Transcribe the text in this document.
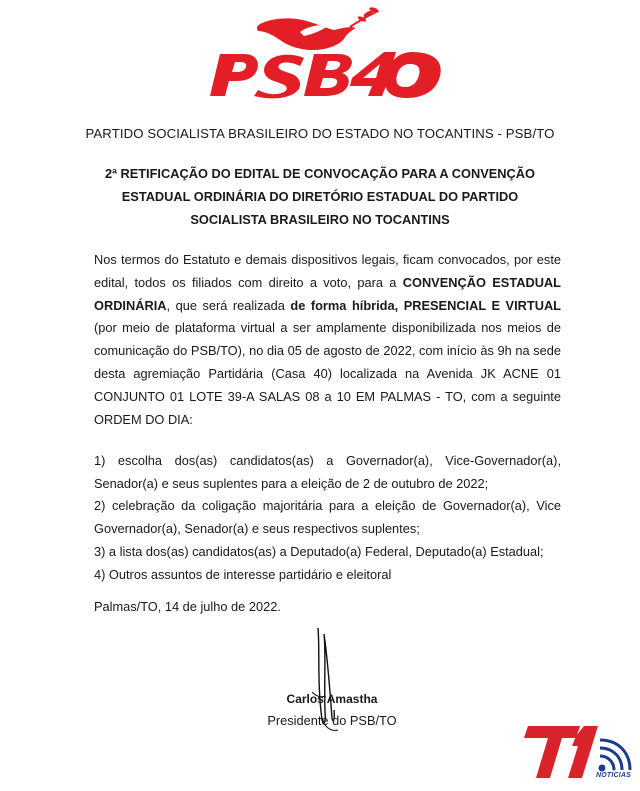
PARTIDO SOCIALISTA BRASILEIRO DO ESTADO NO TOCANTINS - PSB/TO
2ª RETIFICAÇÃO DO EDITAL DE CONVOCAÇÃO PARA A CONVENÇÃO
ESTADUAL ORDINÁRIA DO DIRETÓRIO ESTADUAL DO PARTIDO
SOCIALISTA BRASILEIRO NO TOCANTINS

Nos termos do Estatuto e demais dispositivos legais, ficam convocados, por este edital, todos os filiados com direito a voto, para a CONVENÇÃO ESTADUAL ORDINÁRIA, que será realizada de forma híbrida, PRESENCIAL E VIRTUAL (por meio de plataforma virtual a ser amplamente disponibilizada nos meios de comunicação do PSB/TO), no dia 05 de agosto de 2022, com início às 9h na sede desta agremiação Partidária (Casa 40) localizada na Avenida JK ACNE 01 CONJUNTO 01 LOTE 39-A SALAS 08 a 10 EM PALMAS - TO, com a seguinte ORDEM DO DIA:

1) escolha dos(as) candidatos(as) a Governador(a), Vice-Governador(a), Senador(a) e seus suplentes para a eleição de 2 de outubro de 2022;

2) celebração da coligação majoritária para a eleição de Governador(a), Vice Governador(a), Senador(a) e seus respectivos suplentes;

3) a lista dos(as) candidatos(as) a Deputado(a) Federal, Deputado(a) Estadual;

4) Outros assuntos de interesse partidário e eleitoral

Palmas/TO, 14 de julho de 2022.
Carlos Amastha
Presidente do PSB/TO
NOTÍCIAS
